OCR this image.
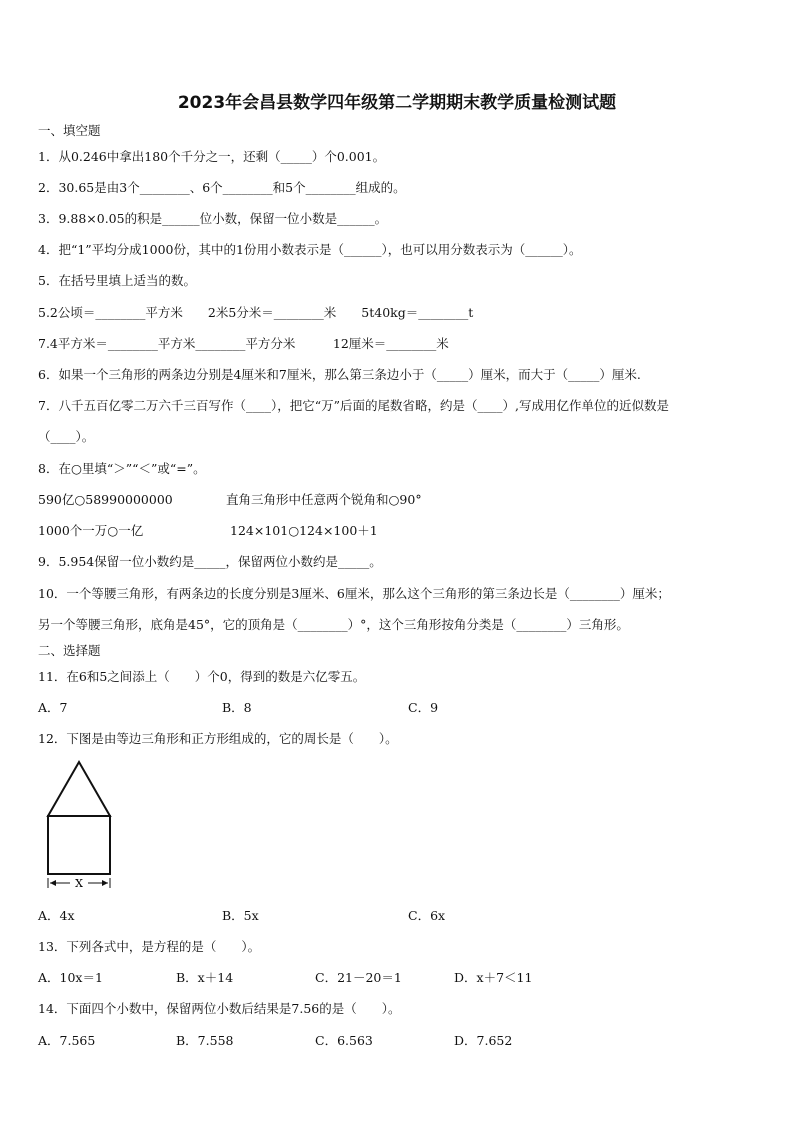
2023年会昌县数学四年级第二学期期末教学质量检测试题
一、填空题
1．从0.246中拿出180个千分之一，还剩（_____）个0.001。
2．30.65是由3个________、6个________和5个________组成的。
3．9.88×0.05的积是______位小数，保留一位小数是______。
4．把“1”平均分成1000份，其中的1份用小数表示是（______），也可以用分数表示为（______）。
5．在括号里填上适当的数。
5.2公顷＝________平方米　　2米5分米＝________米　　5t40kg＝________t
7.4平方米＝________平方米________平方分米　　　12厘米＝________米
6．如果一个三角形的两条边分别是4厘米和7厘米，那么第三条边小于（_____）厘米，而大于（_____）厘米.
7．八千五百亿零二万六千三百写作（____），把它“万”后面的尾数省略，约是（____）,写成用亿作单位的近似数是
（____）。
8．在○里填“＞”“＜”或“=”。
590亿○58990000000	直角三角形中任意两个锐角和○90°
1000个一万○一亿	124×101○124×100＋1
9．5.954保留一位小数约是_____，保留两位小数约是_____。
10．一个等腰三角形，有两条边的长度分别是3厘米、6厘米，那么这个三角形的第三条边长是（________）厘米；
另一个等腰三角形，底角是45°，它的顶角是（________）°，这个三角形按角分类是（________）三角形。
二、选择题
11．在6和5之间添上（　　）个0，得到的数是六亿零五。
A．7	B．8	C．9
12．下图是由等边三角形和正方形组成的，它的周长是（　　）。
X
A．4x	B．5x	C．6x
13．下列各式中，是方程的是（　　）。
A．10x＝1	B．x＋14	C．21－20＝1	D．x＋7＜11
14．下面四个小数中，保留两位小数后结果是7.56的是（　　）。
A．7.565	B．7.558	C．6.563	D．7.652
